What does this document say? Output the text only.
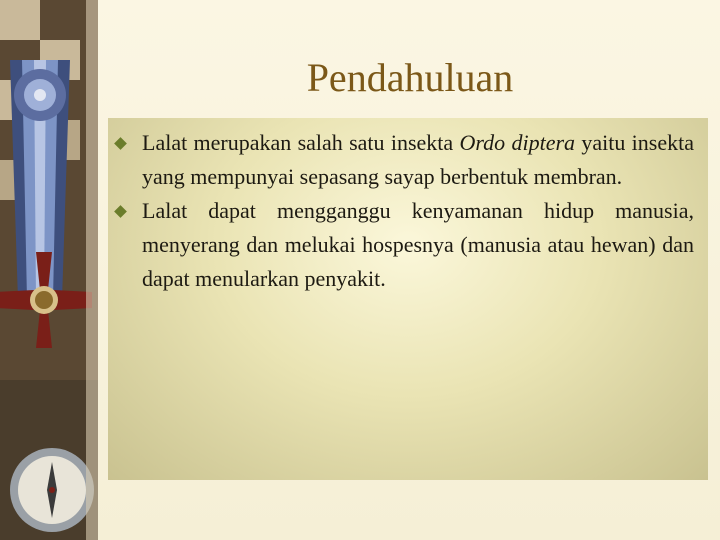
Pendahuluan
Lalat merupakan salah satu insekta Ordo diptera yaitu insekta yang mempunyai sepasang sayap berbentuk membran.
Lalat dapat mengganggu kenyamanan hidup manusia, menyerang dan melukai hospesnya (manusia atau hewan) dan dapat menularkan penyakit.
